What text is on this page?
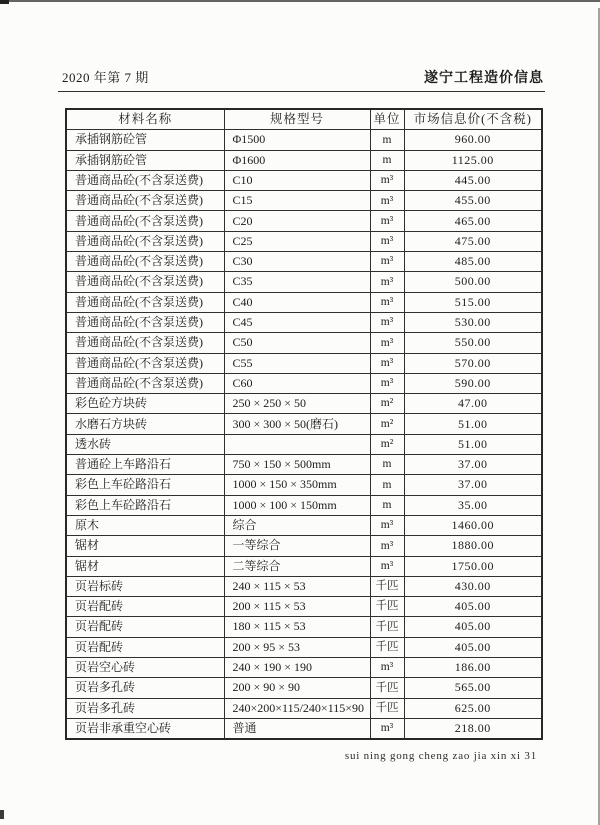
2020 年第 7 期	遂宁工程造价信息
材料名称	规格型号	单位	市场信息价(不含税)
承插钢筋砼管	Φ1500	m	960.00
承插钢筋砼管	Φ1600	m	1125.00
普通商品砼(不含泵送费)	C10	m³	445.00
普通商品砼(不含泵送费)	C15	m³	455.00
普通商品砼(不含泵送费)	C20	m³	465.00
普通商品砼(不含泵送费)	C25	m³	475.00
普通商品砼(不含泵送费)	C30	m³	485.00
普通商品砼(不含泵送费)	C35	m³	500.00
普通商品砼(不含泵送费)	C40	m³	515.00
普通商品砼(不含泵送费)	C45	m³	530.00
普通商品砼(不含泵送费)	C50	m³	550.00
普通商品砼(不含泵送费)	C55	m³	570.00
普通商品砼(不含泵送费)	C60	m³	590.00
彩色砼方块砖	250 × 250 × 50	m²	47.00
水磨石方块砖	300 × 300 × 50(磨石)	m²	51.00
透水砖		m²	51.00
普通砼上车路沿石	750 × 150 × 500mm	m	37.00
彩色上车砼路沿石	1000 × 150 × 350mm	m	37.00
彩色上车砼路沿石	1000 × 100 × 150mm	m	35.00
原木	综合	m³	1460.00
锯材	一等综合	m³	1880.00
锯材	二等综合	m³	1750.00
页岩标砖	240 × 115 × 53	千匹	430.00
页岩配砖	200 × 115 × 53	千匹	405.00
页岩配砖	180 × 115 × 53	千匹	405.00
页岩配砖	200 × 95 × 53	千匹	405.00
页岩空心砖	240 × 190 × 190	m³	186.00
页岩多孔砖	200 × 90 × 90	千匹	565.00
页岩多孔砖	240×200×115/240×115×90	千匹	625.00
页岩非承重空心砖	普通	m³	218.00
sui ning gong cheng zao jia xin xi 31
